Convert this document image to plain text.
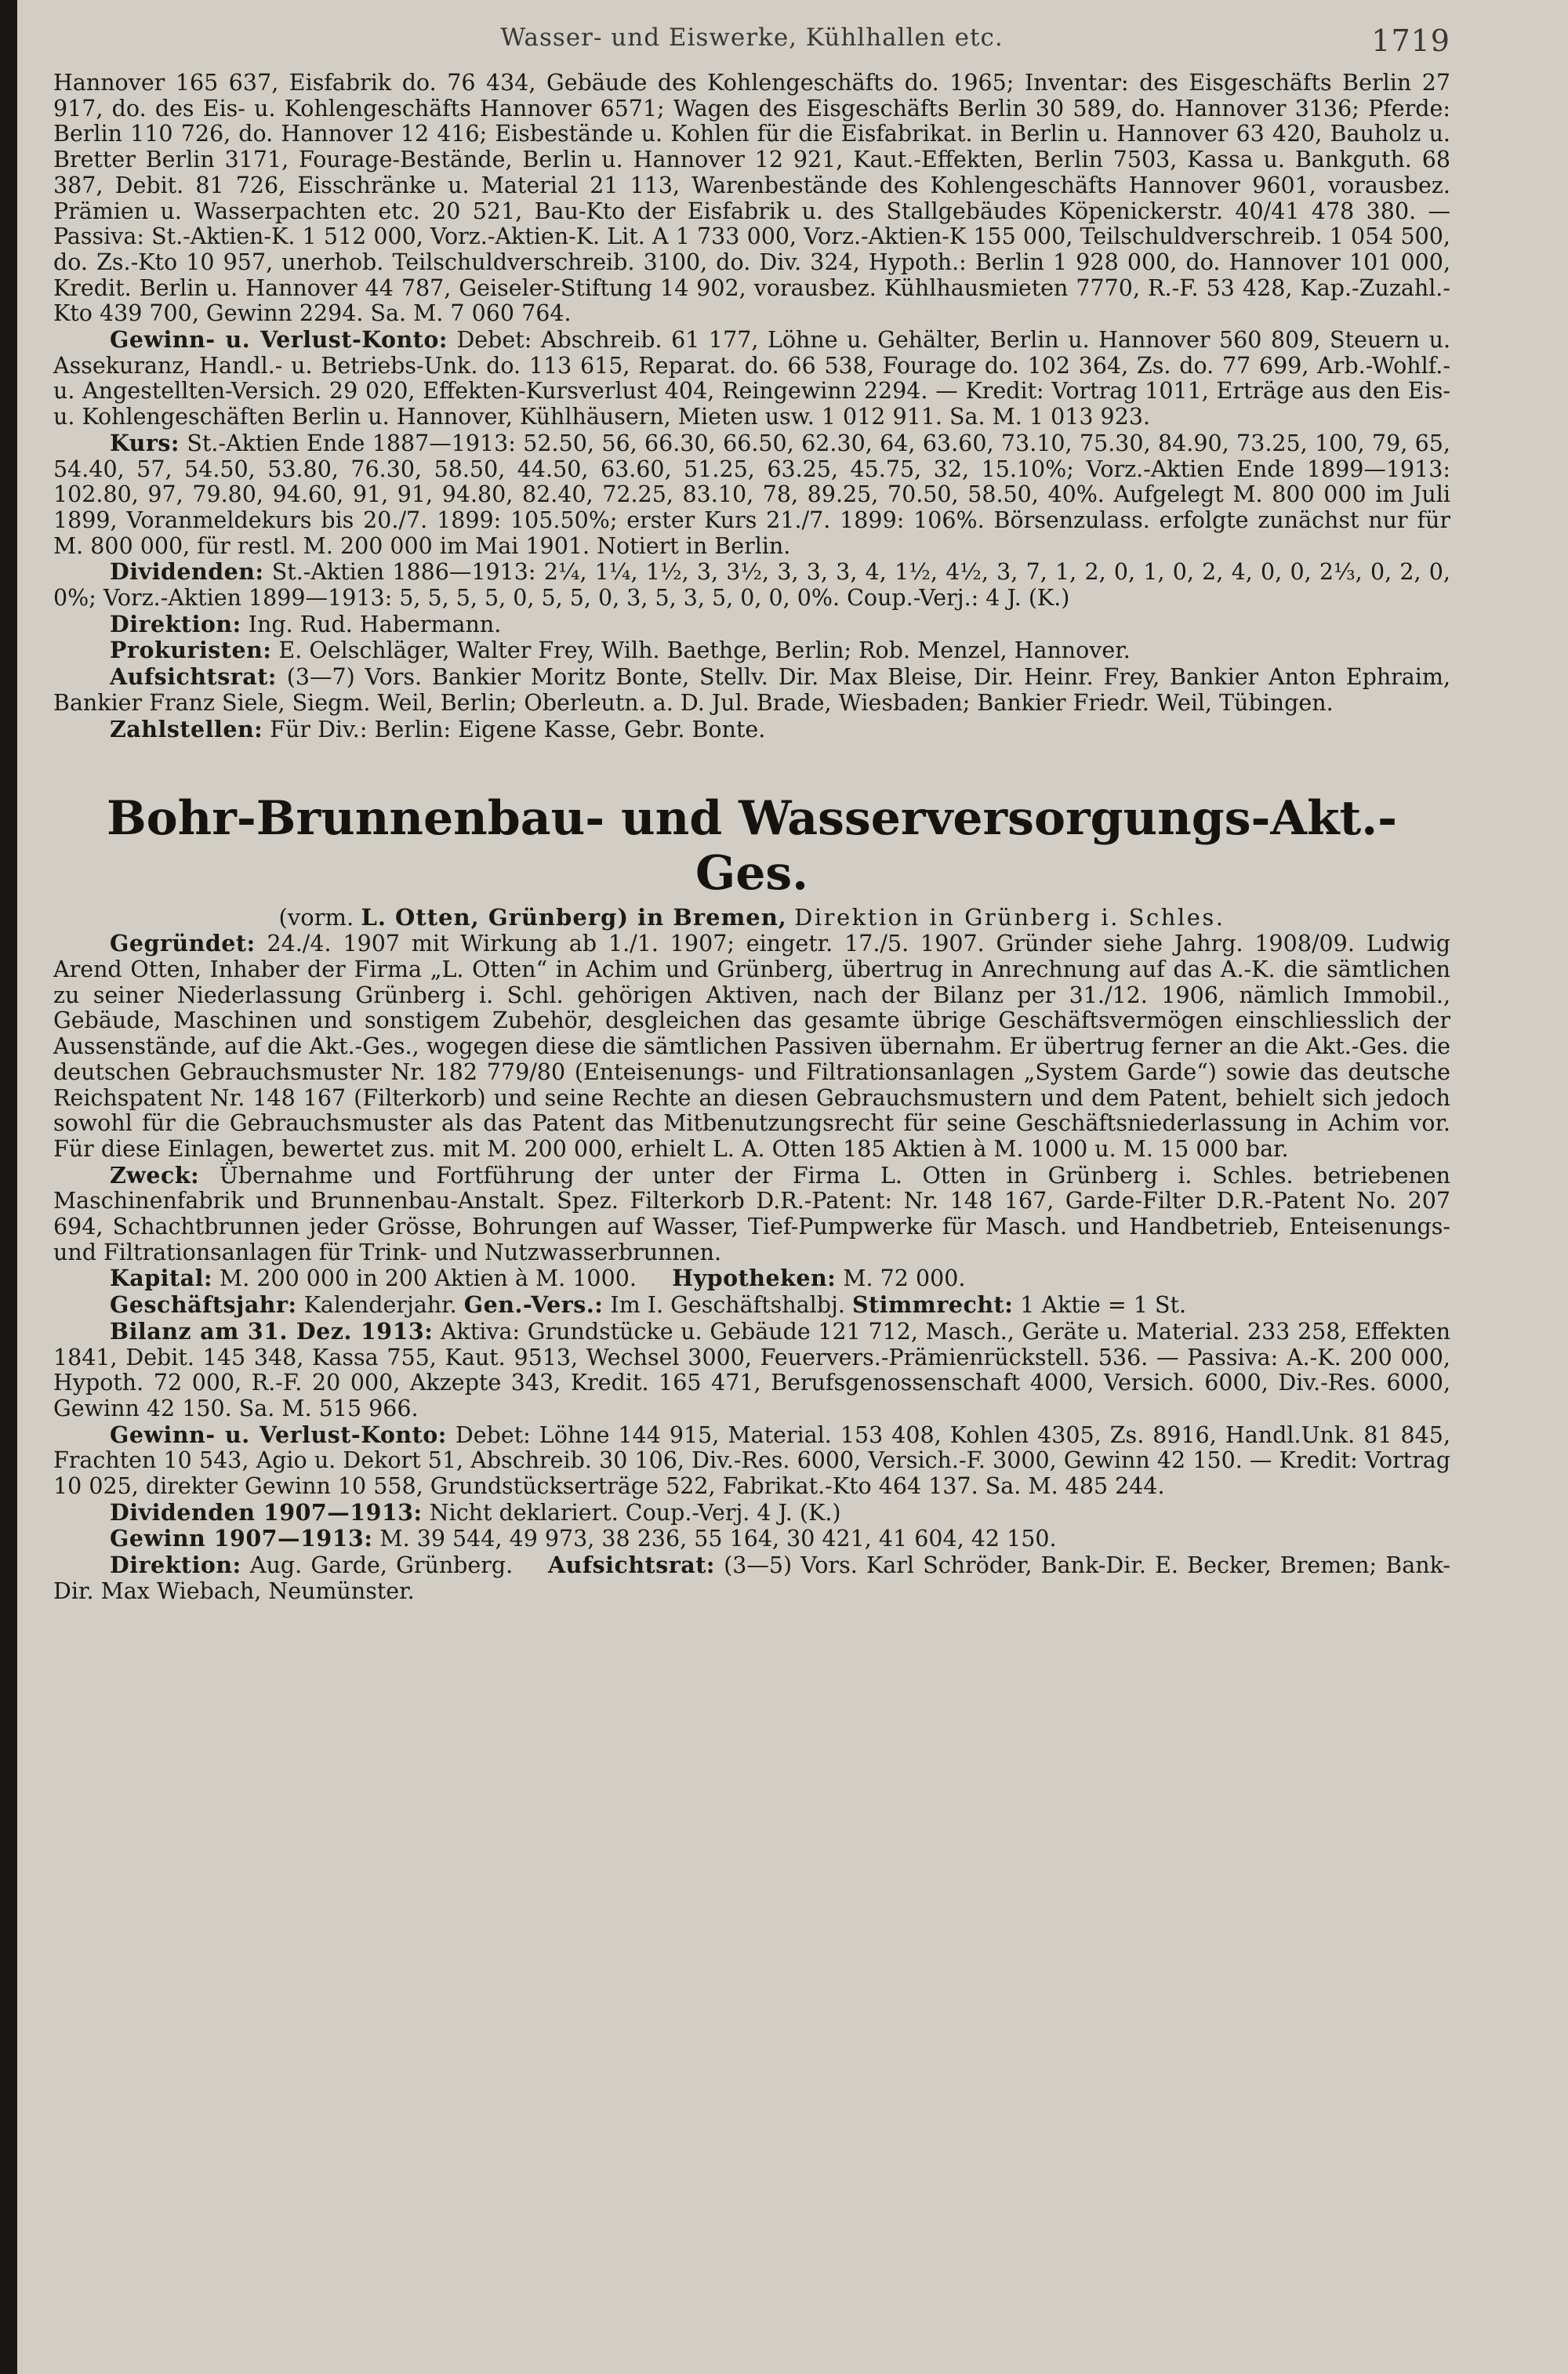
Wasser- und Eiswerke, Kühlhallen etc.	1719

Hannover 165 637, Eisfabrik do. 76 434, Gebäude des Kohlengeschäfts do. 1965; Inventar: des Eisgeschäfts Berlin 27 917, do. des Eis- u. Kohlengeschäfts Hannover 6571; Wagen des Eisgeschäfts Berlin 30 589, do. Hannover 3136; Pferde: Berlin 110 726, do. Hannover 12 416; Eisbestände u. Kohlen für die Eisfabrikat. in Berlin u. Hannover 63 420, Bauholz u. Bretter Berlin 3171, Fourage-Bestände, Berlin u. Hannover 12 921, Kaut.-Effekten, Berlin 7503, Kassa u. Bankguth. 68 387, Debit. 81 726, Eisschränke u. Material 21 113, Warenbestände des Kohlengeschäfts Hannover 9601, vorausbez. Prämien u. Wasserpachten etc. 20 521, Bau-Kto der Eisfabrik u. des Stallgebäudes Köpenickerstr. 40/41 478 380. — Passiva: St.-Aktien-K. 1 512 000, Vorz.-Aktien-K. Lit. A 1 733 000, Vorz.-Aktien-K 155 000, Teilschuldverschreib. 1 054 500, do. Zs.-Kto 10 957, unerhob. Teilschuldverschreib. 3100, do. Div. 324, Hypoth.: Berlin 1 928 000, do. Hannover 101 000, Kredit. Berlin u. Hannover 44 787, Geiseler-Stiftung 14 902, vorausbez. Kühlhausmieten 7770, R.-F. 53 428, Kap.-Zuzahl.-Kto 439 700, Gewinn 2294. Sa. M. 7 060 764.

Gewinn- u. Verlust-Konto: Debet: Abschreib. 61 177, Löhne u. Gehälter, Berlin u. Hannover 560 809, Steuern u. Assekuranz, Handl.- u. Betriebs-Unk. do. 113 615, Reparat. do. 66 538, Fourage do. 102 364, Zs. do. 77 699, Arb.-Wohlf.- u. Angestellten-Versich. 29 020, Effekten-Kursverlust 404, Reingewinn 2294. — Kredit: Vortrag 1011, Erträge aus den Eis- u. Kohlengeschäften Berlin u. Hannover, Kühlhäusern, Mieten usw. 1 012 911. Sa. M. 1 013 923.

Kurs: St.-Aktien Ende 1887—1913: 52.50, 56, 66.30, 66.50, 62.30, 64, 63.60, 73.10, 75.30, 84.90, 73.25, 100, 79, 65, 54.40, 57, 54.50, 53.80, 76.30, 58.50, 44.50, 63.60, 51.25, 63.25, 45.75, 32, 15.10%; Vorz.-Aktien Ende 1899—1913: 102.80, 97, 79.80, 94.60, 91, 91, 94.80, 82.40, 72.25, 83.10, 78, 89.25, 70.50, 58.50, 40%. Aufgelegt M. 800 000 im Juli 1899, Voranmeldekurs bis 20./7. 1899: 105.50%; erster Kurs 21./7. 1899: 106%. Börsenzulass. erfolgte zunächst nur für M. 800 000, für restl. M. 200 000 im Mai 1901. Notiert in Berlin.

Dividenden: St.-Aktien 1886—1913: 2¼, 1¼, 1½, 3, 3½, 3, 3, 3, 4, 1½, 4½, 3, 7, 1, 2, 0, 1, 0, 2, 4, 0, 0, 2⅓, 0, 2, 0, 0%; Vorz.-Aktien 1899—1913: 5, 5, 5, 5, 0, 5, 5, 0, 3, 5, 3, 5, 0, 0, 0%. Coup.-Verj.: 4 J. (K.)

Direktion: Ing. Rud. Habermann.

Prokuristen: E. Oelschläger, Walter Frey, Wilh. Baethge, Berlin; Rob. Menzel, Hannover.

Aufsichtsrat: (3—7) Vors. Bankier Moritz Bonte, Stellv. Dir. Max Bleise, Dir. Heinr. Frey, Bankier Anton Ephraim, Bankier Franz Siele, Siegm. Weil, Berlin; Oberleutn. a. D. Jul. Brade, Wiesbaden; Bankier Friedr. Weil, Tübingen.

Zahlstellen: Für Div.: Berlin: Eigene Kasse, Gebr. Bonte.

Bohr-Brunnenbau- und Wasserversorgungs-Akt.-Ges.

(vorm. L. Otten, Grünberg) in Bremen, Direktion in Grünberg i. Schles.

Gegründet: 24./4. 1907 mit Wirkung ab 1./1. 1907; eingetr. 17./5. 1907. Gründer siehe Jahrg. 1908/09. Ludwig Arend Otten, Inhaber der Firma „L. Otten“ in Achim und Grünberg, übertrug in Anrechnung auf das A.-K. die sämtlichen zu seiner Niederlassung Grünberg i. Schl. gehörigen Aktiven, nach der Bilanz per 31./12. 1906, nämlich Immobil., Gebäude, Maschinen und sonstigem Zubehör, desgleichen das gesamte übrige Geschäftsvermögen einschliesslich der Aussenstände, auf die Akt.-Ges., wogegen diese die sämtlichen Passiven übernahm. Er übertrug ferner an die Akt.-Ges. die deutschen Gebrauchsmuster Nr. 182 779/80 (Enteisenungs- und Filtrationsanlagen „System Garde“) sowie das deutsche Reichspatent Nr. 148 167 (Filterkorb) und seine Rechte an diesen Gebrauchsmustern und dem Patent, behielt sich jedoch sowohl für die Gebrauchsmuster als das Patent das Mitbenutzungsrecht für seine Geschäftsniederlassung in Achim vor. Für diese Einlagen, bewertet zus. mit M. 200 000, erhielt L. A. Otten 185 Aktien à M. 1000 u. M. 15 000 bar.

Zweck: Übernahme und Fortführung der unter der Firma L. Otten in Grünberg i. Schles. betriebenen Maschinenfabrik und Brunnenbau-Anstalt. Spez. Filterkorb D.R.-Patent: Nr. 148 167, Garde-Filter D.R.-Patent No. 207 694, Schachtbrunnen jeder Grösse, Bohrungen auf Wasser, Tief-Pumpwerke für Masch. und Handbetrieb, Enteisenungs- und Filtrationsanlagen für Trink- und Nutzwasserbrunnen.

Kapital: M. 200 000 in 200 Aktien à M. 1000. Hypotheken: M. 72 000.

Geschäftsjahr: Kalenderjahr. Gen.-Vers.: Im I. Geschäftshalbj. Stimmrecht: 1 Aktie = 1 St.

Bilanz am 31. Dez. 1913: Aktiva: Grundstücke u. Gebäude 121 712, Masch., Geräte u. Material. 233 258, Effekten 1841, Debit. 145 348, Kassa 755, Kaut. 9513, Wechsel 3000, Feuervers.-Prämienrückstell. 536. — Passiva: A.-K. 200 000, Hypoth. 72 000, R.-F. 20 000, Akzepte 343, Kredit. 165 471, Berufsgenossenschaft 4000, Versich. 6000, Div.-Res. 6000, Gewinn 42 150. Sa. M. 515 966.

Gewinn- u. Verlust-Konto: Debet: Löhne 144 915, Material. 153 408, Kohlen 4305, Zs. 8916, Handl.Unk. 81 845, Frachten 10 543, Agio u. Dekort 51, Abschreib. 30 106, Div.-Res. 6000, Versich.-F. 3000, Gewinn 42 150. — Kredit: Vortrag 10 025, direkter Gewinn 10 558, Grundstückserträge 522, Fabrikat.-Kto 464 137. Sa. M. 485 244.

Dividenden 1907—1913: Nicht deklariert. Coup.-Verj. 4 J. (K.)

Gewinn 1907—1913: M. 39 544, 49 973, 38 236, 55 164, 30 421, 41 604, 42 150.

Direktion: Aug. Garde, Grünberg. Aufsichtsrat: (3—5) Vors. Karl Schröder, Bank-Dir. E. Becker, Bremen; Bank-Dir. Max Wiebach, Neumünster.
